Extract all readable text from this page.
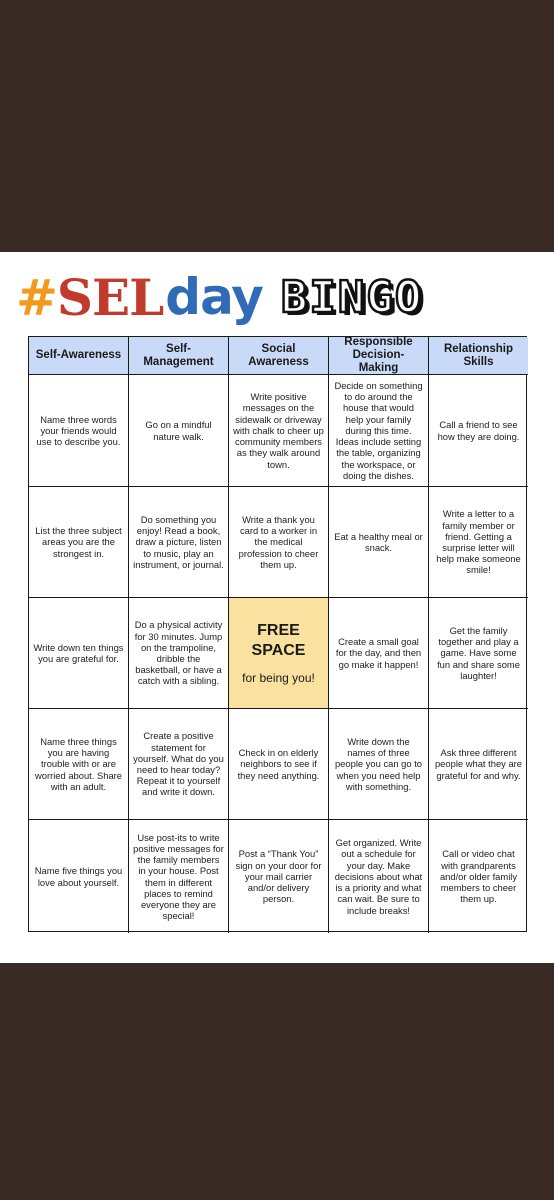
# SEL day BINGO
Self-Awareness
Self-Management
Social Awareness
Responsible Decision-Making
Relationship Skills
Name three words your friends would use to describe you.
Go on a mindful nature walk.
Write positive messages on the sidewalk or driveway with chalk to cheer up community members as they walk around town.
Decide on something to do around the house that would help your family during this time. Ideas include setting the table, organizing the workspace, or doing the dishes.
Call a friend to see how they are doing.
List the three subject areas you are the strongest in.
Do something you enjoy! Read a book, draw a picture, listen to music, play an instrument, or journal.
Write a thank you card to a worker in the medical profession to cheer them up.
Eat a healthy meal or snack.
Write a letter to a family member or friend. Getting a surprise letter will help make someone smile!
Write down ten things you are grateful for.
Do a physical activity for 30 minutes. Jump on the trampoline, dribble the basketball, or have a catch with a sibling.
FREE
SPACE
for being you!
Create a small goal for the day, and then go make it happen!
Get the family together and play a game. Have some fun and share some laughter!
Name three things you are having trouble with or are worried about. Share with an adult.
Create a positive statement for yourself. What do you need to hear today? Repeat it to yourself and write it down.
Check in on elderly neighbors to see if they need anything.
Write down the names of three people you can go to when you need help with something.
Ask three different people what they are grateful for and why.
Name five things you love about yourself.
Use post-its to write positive messages for the family members in your house. Post them in different places to remind everyone they are special!
Post a “Thank You” sign on your door for your mail carrier and/or delivery person.
Get organized. Write out a schedule for your day. Make decisions about what is a priority and what can wait. Be sure to include breaks!
Call or video chat with grandparents and/or older family members to cheer them up.
